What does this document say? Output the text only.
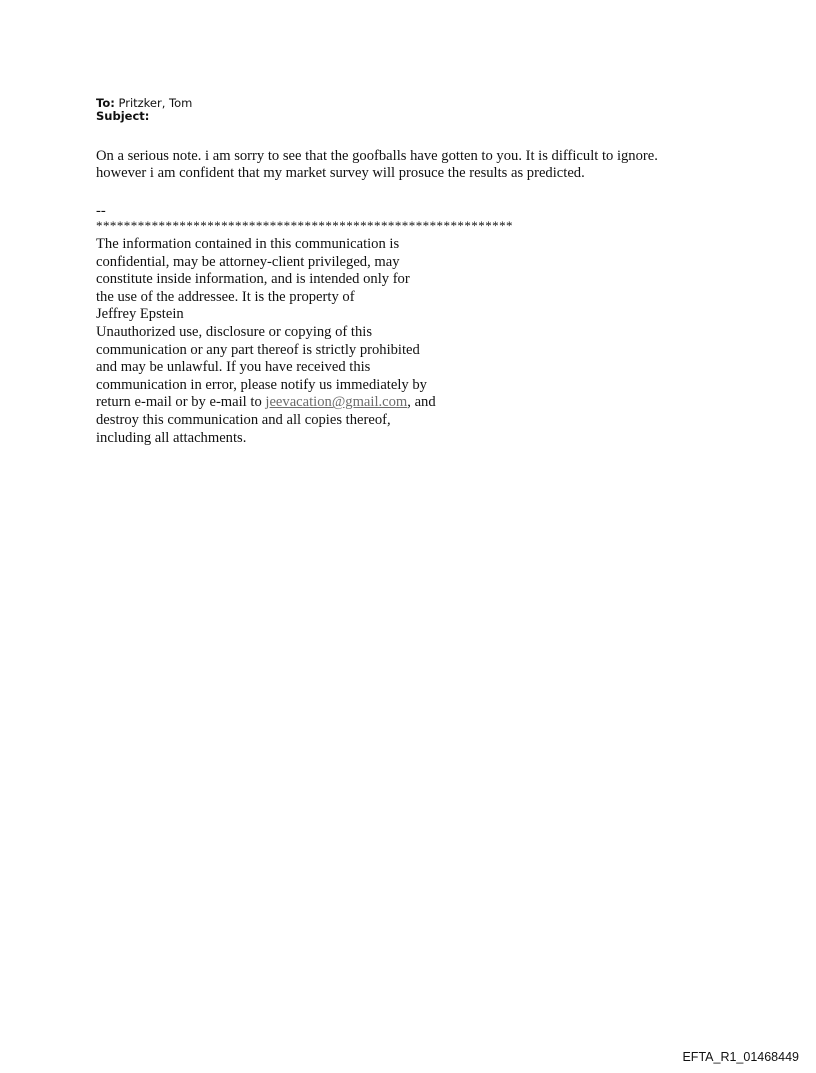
To: Pritzker, Tom
Subject:

On a serious note. i am sorry to see that the goofballs have gotten to you. It is difficult to ignore.

however i am confident that my market survey will prosuce the results as predicted.

--
************************************************************
The information contained in this communication is
confidential, may be attorney-client privileged, may
constitute inside information, and is intended only for
the use of the addressee. It is the property of
Jeffrey Epstein
Unauthorized use, disclosure or copying of this
communication or any part thereof is strictly prohibited
and may be unlawful. If you have received this
communication in error, please notify us immediately by
return e-mail or by e-mail to jeevacation@gmail.com, and
destroy this communication and all copies thereof,
including all attachments.
EFTA_R1_01468449
